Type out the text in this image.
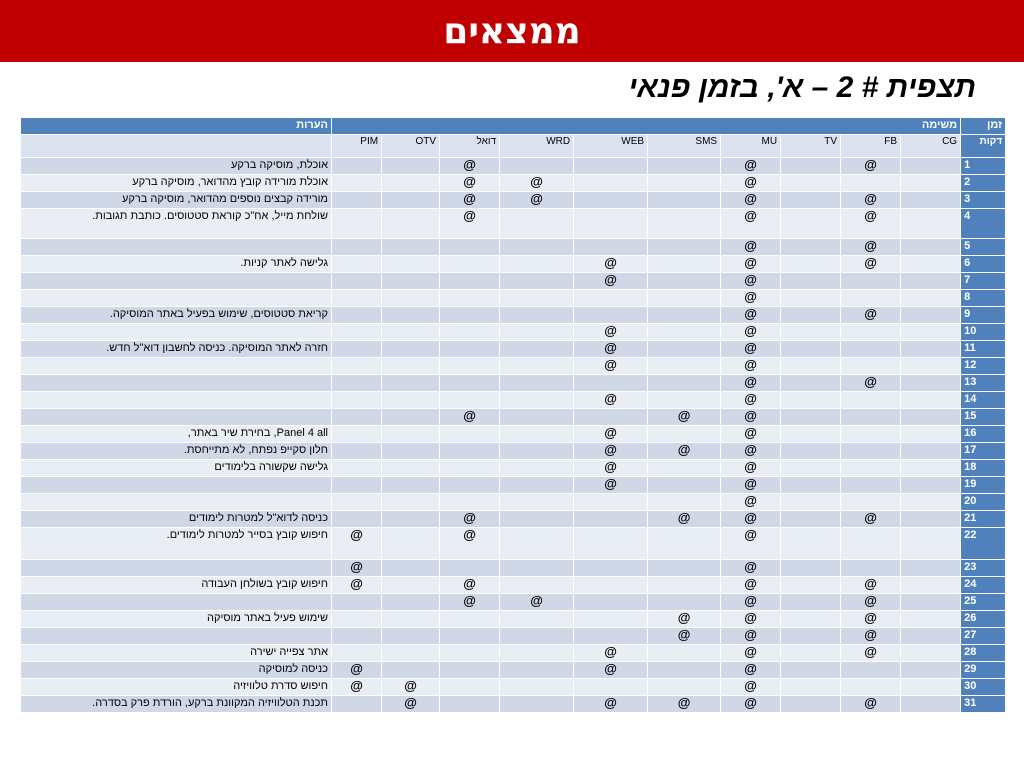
ממצאים
תצפית # 2 – א', בזמן פנאי
זמן	משימה										הערות
דקות	CG	FB	TV	MU	SMS	WEB	WRD	דואל	OTV	PIM	
1		@		@				@			אוכלת, מוסיקה ברקע
2				@			@	@			אוכלת מורידה קובץ מהדואר, מוסיקה ברקע
3		@		@			@	@			מורידה קבצים נוספים מהדואר, מוסיקה ברקע
4		@		@				@			שולחת מייל, אח"כ קוראת סטטוסים. כותבת תגובות.
5		@		@							
6		@		@		@					גלישה לאתר קניות.
7				@		@					
8				@							
9		@		@							קריאת סטטוסים, שימוש בפעיל באתר המוסיקה.
10				@		@					
11				@		@					חזרה לאתר המוסיקה. כניסה לחשבון דוא"ל חדש.
12				@		@					
13		@		@							
14				@		@					
15				@	@			@			
16				@		@					Panel 4 all, בחירת שיר באתר,
17				@	@	@					חלון סקייפ נפתח, לא מתייחסת.
18				@		@					גלישה שקשורה בלימודים
19				@		@					
20				@							
21		@		@	@			@			כניסה לדוא"ל למטרות לימודים
22				@				@		@	חיפוש קובץ בסייר למטרות לימודים.
23				@						@	
24		@		@				@		@	חיפוש קובץ בשולחן העבודה
25		@		@			@	@			
26		@		@	@						שימוש פעיל באתר מוסיקה
27		@		@	@						
28		@		@		@					אתר צפייה ישירה
29				@		@				@	כניסה למוסיקה
30				@					@	@	חיפוש סדרת טלוויזיה
31		@		@	@	@			@		תכנת הטלוויזיה המקוונת ברקע, הורדת פרק בסדרה.
